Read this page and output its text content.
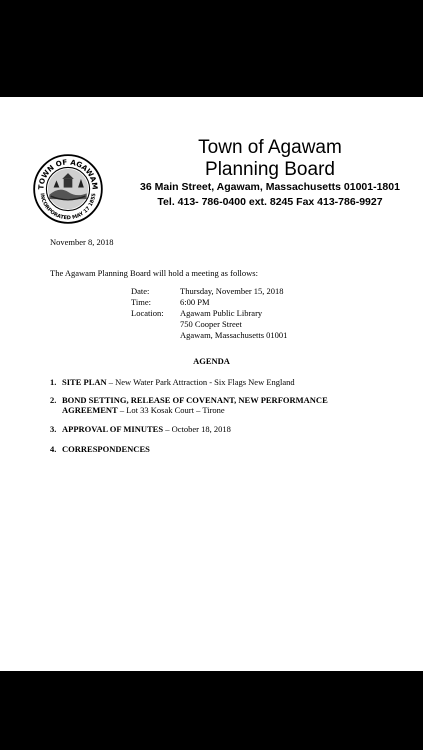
TOWN OF AGAWAM
INCORPORATED MAY 17 1855
Town of Agawam
Planning Board
36 Main Street, Agawam, Massachusetts 01001-1801
Tel. 413- 786-0400 ext. 8245 Fax 413-786-9927
November 8, 2018
The Agawam Planning Board will hold a meeting as follows:
Date:	Thursday, November 15, 2018
Time:	6:00 PM
Location: Agawam Public Library
750 Cooper Street
Agawam, Massachusetts 01001
AGENDA
1. SITE PLAN – New Water Park Attraction - Six Flags New England
2. BOND SETTING, RELEASE OF COVENANT, NEW PERFORMANCE
AGREEMENT – Lot 33 Kosak Court – Tirone
3. APPROVAL OF MINUTES – October 18, 2018
4. CORRESPONDENCES
